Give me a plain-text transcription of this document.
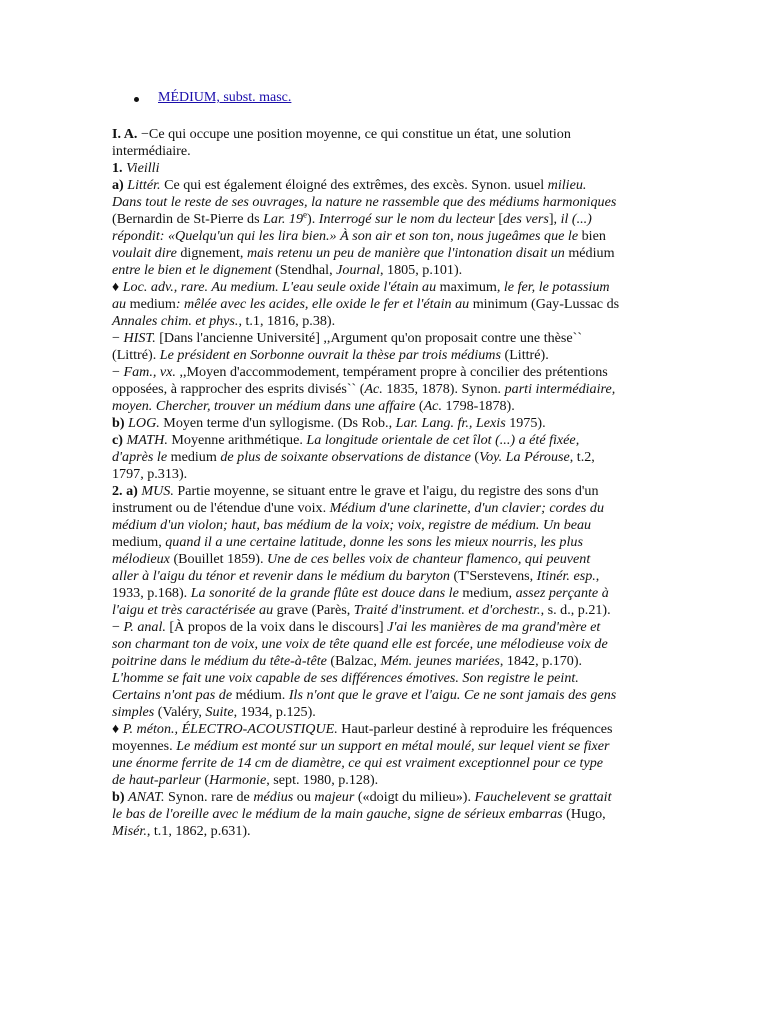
MÉDIUM, subst. masc.

I. A. −Ce qui occupe une position moyenne, ce qui constitue un état, une solution

intermédiaire.

1. Vieilli

a) Littér. Ce qui est également éloigné des extrêmes, des excès. Synon. usuel milieu.

Dans tout le reste de ses ouvrages, la nature ne rassemble que des médiums harmoniques

(Bernardin de St-Pierre ds Lar. 19e). Interrogé sur le nom du lecteur [des vers], il (...)

répondit: «Quelqu'un qui les lira bien.» À son air et son ton, nous jugeâmes que le bien

voulait dire dignement, mais retenu un peu de manière que l'intonation disait un médium

entre le bien et le dignement (Stendhal, Journal, 1805, p.101).

♦ Loc. adv., rare. Au medium. L'eau seule oxide l'étain au maximum, le fer, le potassium

au medium: mêlée avec les acides, elle oxide le fer et l'étain au minimum (Gay-Lussac ds

Annales chim. et phys., t.1, 1816, p.38).

− HIST. [Dans l'ancienne Université] ,,Argument qu'on proposait contre une thèse``

(Littré). Le président en Sorbonne ouvrait la thèse par trois médiums (Littré).

− Fam., vx. ,,Moyen d'accommodement, tempérament propre à concilier des prétentions

opposées, à rapprocher des esprits divisés`` (Ac. 1835, 1878). Synon. parti intermédiaire,

moyen. Chercher, trouver un médium dans une affaire (Ac. 1798-1878).

b) LOG. Moyen terme d'un syllogisme. (Ds Rob., Lar. Lang. fr., Lexis 1975).

c) MATH. Moyenne arithmétique. La longitude orientale de cet îlot (...) a été fixée,

d'après le medium de plus de soixante observations de distance (Voy. La Pérouse, t.2,

1797, p.313).

2. a) MUS. Partie moyenne, se situant entre le grave et l'aigu, du registre des sons d'un

instrument ou de l'étendue d'une voix. Médium d'une clarinette, d'un clavier; cordes du

médium d'un violon; haut, bas médium de la voix; voix, registre de médium. Un beau

medium, quand il a une certaine latitude, donne les sons les mieux nourris, les plus

mélodieux (Bouillet 1859). Une de ces belles voix de chanteur flamenco, qui peuvent

aller à l'aigu du ténor et revenir dans le médium du baryton (T'Serstevens, Itinér. esp.,

1933, p.168). La sonorité de la grande flûte est douce dans le medium, assez perçante à

l'aigu et très caractérisée au grave (Parès, Traité d'instrument. et d'orchestr., s. d., p.21).

− P. anal. [À propos de la voix dans le discours] J'ai les manières de ma grand'mère et

son charmant ton de voix, une voix de tête quand elle est forcée, une mélodieuse voix de

poitrine dans le médium du tête-à-tête (Balzac, Mém. jeunes mariées, 1842, p.170).

L'homme se fait une voix capable de ses différences émotives. Son registre le peint.

Certains n'ont pas de médium. Ils n'ont que le grave et l'aigu. Ce ne sont jamais des gens

simples (Valéry, Suite, 1934, p.125).

♦ P. méton., ÉLECTRO-ACOUSTIQUE. Haut-parleur destiné à reproduire les fréquences

moyennes. Le médium est monté sur un support en métal moulé, sur lequel vient se fixer

une énorme ferrite de 14 cm de diamètre, ce qui est vraiment exceptionnel pour ce type

de haut-parleur (Harmonie, sept. 1980, p.128).

b) ANAT. Synon. rare de médius ou majeur («doigt du milieu»). Fauchelevent se grattait

le bas de l'oreille avec le médium de la main gauche, signe de sérieux embarras (Hugo,

Misér., t.1, 1862, p.631).
